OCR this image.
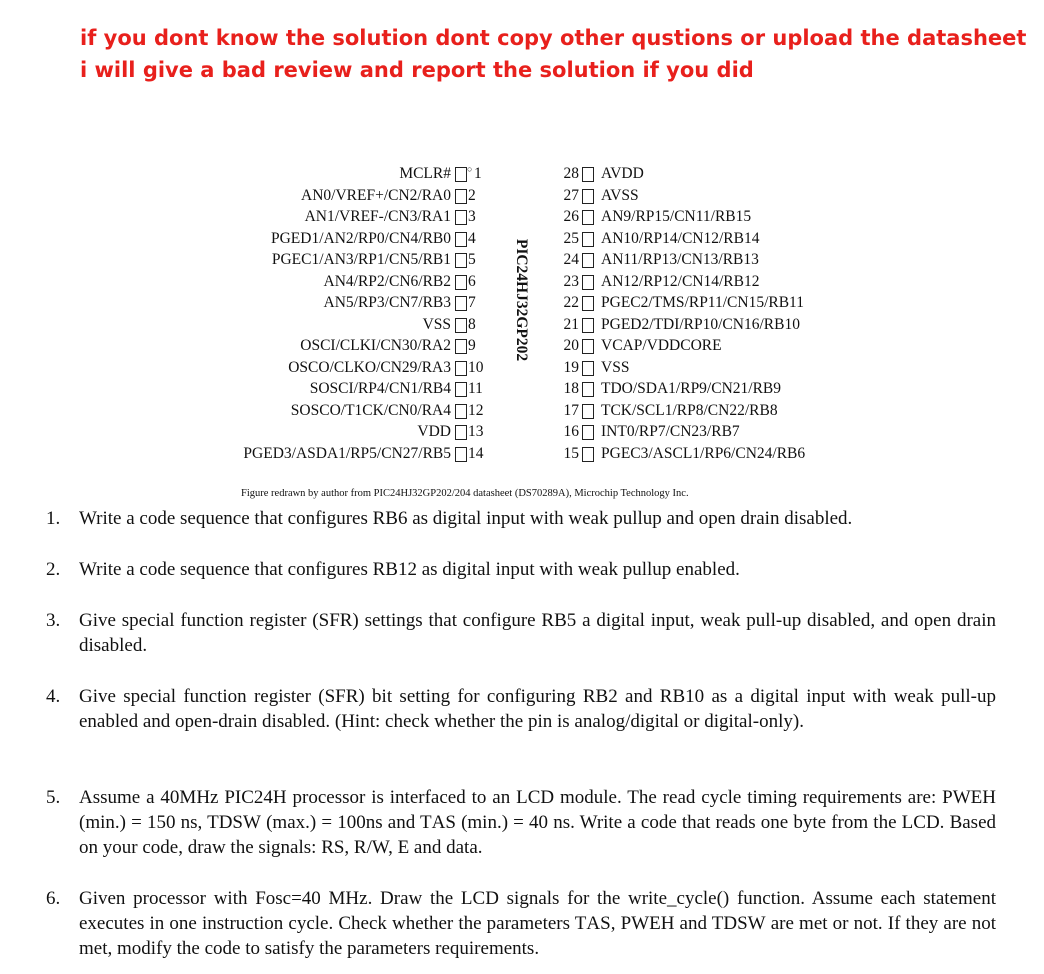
if you dont know the solution dont copy other qustions or upload the datasheet
i will give a bad review and report the solution if you did
MCLR# 1
○
AN0/VREF+/CN2/RA0 2
AN1/VREF-/CN3/RA1 3
PGED1/AN2/RP0/CN4/RB0 4
PGEC1/AN3/RP1/CN5/RB1 5
AN4/RP2/CN6/RB2 6
AN5/RP3/CN7/RB3 7
VSS 8
OSCI/CLKI/CN30/RA2 9
OSCO/CLKO/CN29/RA3 10
SOSCI/RP4/CN1/RB4 11
SOSCO/T1CK/CN0/RA4 12
VDD 13
PGED3/ASDA1/RP5/CN27/RB5 14
28 AVDD
27 AVSS
26 AN9/RP15/CN11/RB15
25 AN10/RP14/CN12/RB14
24 AN11/RP13/CN13/RB13
23 AN12/RP12/CN14/RB12
22 PGEC2/TMS/RP11/CN15/RB11
21 PGED2/TDI/RP10/CN16/RB10
20 VCAP/VDDCORE
19 VSS
18 TDO/SDA1/RP9/CN21/RB9
17 TCK/SCL1/RP8/CN22/RB8
16 INT0/RP7/CN23/RB7
15 PGEC3/ASCL1/RP6/CN24/RB6
PIC24HJ32GP202
Figure redrawn by author from PIC24HJ32GP202/204 datasheet (DS70289A), Microchip Technology Inc.
1. Write a code sequence that configures RB6 as digital input with weak pullup and open drain disabled.
2. Write a code sequence that configures RB12 as digital input with weak pullup enabled.
3. Give special function register (SFR) settings that configure RB5 a digital input, weak pull-up disabled, and open drain disabled.
4. Give special function register (SFR) bit setting for configuring RB2 and RB10 as a digital input with weak pull-up enabled and open-drain disabled. (Hint: check whether the pin is analog/digital or digital-only).
5. Assume a 40MHz PIC24H processor is interfaced to an LCD module. The read cycle timing requirements are: PWEH (min.) = 150 ns, TDSW (max.) = 100ns and TAS (min.) = 40 ns. Write a code that reads one byte from the LCD. Based on your code, draw the signals: RS, R/W, E and data.
6. Given processor with Fosc=40 MHz. Draw the LCD signals for the write_cycle() function. Assume each statement executes in one instruction cycle. Check whether the parameters TAS, PWEH and TDSW are met or not. If they are not met, modify the code to satisfy the parameters requirements.
